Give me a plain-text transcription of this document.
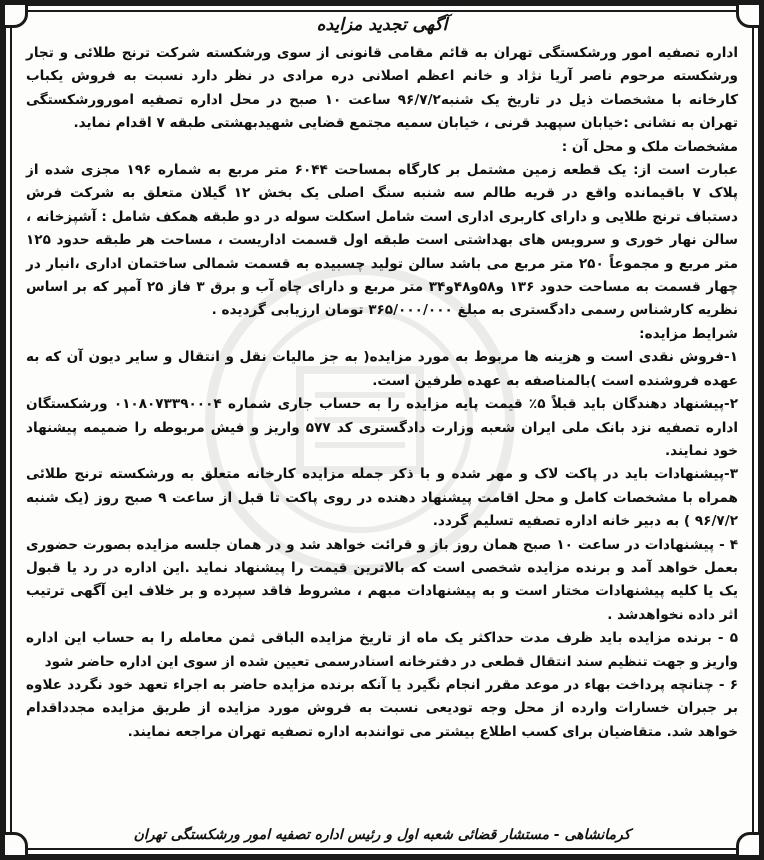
آگهی تجدید مزایده

اداره تصفیه امور ورشکستگی تهران به قائم مقامی قانونی از سوی ورشکسته شرکت ترنج طلائی و تجار ورشکسته مرحوم ناصر آریا نژاد و خانم اعظم اصلانی دره مرادی در نظر دارد نسبت به فروش یکباب کارخانه با مشخصات ذیل در تاریخ یک شنبه۹۶/۷/۲ ساعت ۱۰ صبح در محل اداره تصفیه امورورشکستگی تهران به نشانی :خیابان سپهبد قرنی ، خیابان سمیه مجتمع قضایی شهیدبهشتی طبقه ۷ اقدام نماید.

مشخصات ملک و محل آن :

عبارت است از: یک قطعه زمین مشتمل بر کارگاه بمساحت ۶۰۴۴ متر مربع به شماره ۱۹۶ مجزی شده از پلاک ۷ باقیمانده واقع در قریه طالم سه شنبه سنگ اصلی یک بخش ۱۲ گیلان متعلق به شرکت فرش دستباف ترنج طلایی و دارای کاربری اداری است شامل اسکلت سوله در دو طبقه همکف شامل : آشپزخانه ، سالن نهار خوری و سرویس های بهداشتی است طبقه اول قسمت اداریست ، مساحت هر طبقه حدود ۱۲۵ متر مربع و مجموعاً ۲۵۰ متر مربع می باشد سالن تولید چسبیده به قسمت شمالی ساختمان اداری ،انبار در چهار قسمت به مساحت حدود ۱۳۶ و۵۸و۴۸و۳۴ متر مربع و دارای چاه آب و برق ۳ فاز ۲۵ آمپر که بر اساس نظریه کارشناس رسمی دادگستری به مبلغ ۳۶۵/۰۰۰/۰۰۰ تومان ارزیابی گردیده .

شرایط مزایده:

۱-فروش نقدی است و هزینه ها مربوط به مورد مزایده( به جز مالیات نقل و انتقال و سایر دیون آن که به عهده فروشنده است )بالمناصفه به عهده طرفین است.

۲-پیشنهاد دهندگان باید قبلاً ۵٪ قیمت پایه مزایده را به حساب جاری شماره ۰۱۰۸۰۷۳۳۹۰۰۰۴ ورشکستگان اداره تصفیه نزد بانک ملی ایران شعبه وزارت دادگستری کد ۵۷۷ واریز و فیش مربوطه را ضمیمه پیشنهاد خود نمایند.

۳-پیشنهادات باید در پاکت لاک و مهر شده و با ذکر جمله مزایده کارخانه متعلق به ورشکسته ترنج طلائی همراه با مشخصات کامل و محل اقامت پیشنهاد دهنده در روی پاکت تا قبل از ساعت ۹ صبح روز (یک شنبه ۹۶/۷/۲ ) به دبیر خانه اداره تصفیه تسلیم گردد.

۴ - پیشنهادات در ساعت ۱۰ صبح همان روز باز و قرائت خواهد شد و در همان جلسه مزایده بصورت حضوری بعمل خواهد آمد و برنده مزایده شخصی است که بالاترین قیمت را پیشنهاد نماید .این اداره در رد یا قبول یک یا کلیه پیشنهادات مختار است و به پیشنهادات مبهم ، مشروط فاقد سپرده و بر خلاف این آگهی ترتیب اثر داده نخواهدشد .

۵ - برنده مزایده باید ظرف مدت حداکثر یک ماه از تاریخ مزایده الباقی ثمن معامله را به حساب این اداره واریز و جهت تنظیم سند انتقال قطعی در دفترخانه اسنادرسمی تعیین شده از سوی این اداره حاضر شود

۶ - چنانچه پرداخت بهاء در موعد مقرر انجام نگیرد یا آنکه برنده مزایده حاضر به اجراء تعهد خود نگردد علاوه بر جبران خسارات وارده از محل وجه تودیعی نسبت به فروش مورد مزایده از طریق مزایده مجدداقدام خواهد شد. متقاضیان برای کسب اطلاع بیشتر می توانندبه اداره تصفیه تهران مراجعه نمایند.

کرمانشاهی - مستشار قضائی شعبه اول و رئیس اداره تصفیه امور ورشکستگی تهران
